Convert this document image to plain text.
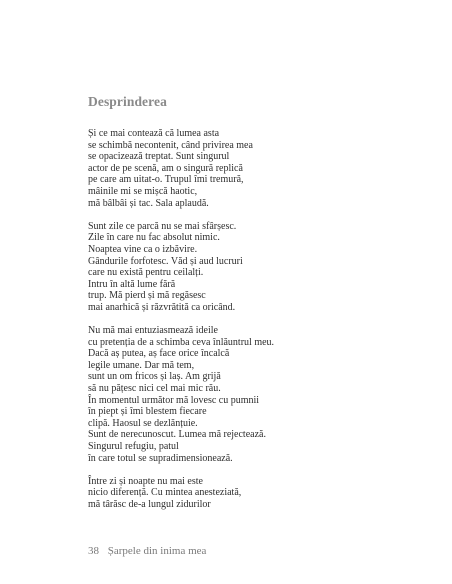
Desprinderea
Și ce mai contează că lumea asta
se schimbă necontenit, când privirea mea
se opacizează treptat. Sunt singurul
actor de pe scenă, am o singură replică
pe care am uitat-o. Trupul îmi tremură,
mâinile mi se mișcă haotic,
mă bâlbâi și tac. Sala aplaudă.
Sunt zile ce parcă nu se mai sfârșesc.
Zile în care nu fac absolut nimic.
Noaptea vine ca o izbăvire.
Gândurile forfotesc. Văd și aud lucruri
care nu există pentru ceilalți.
Intru în altă lume fără
trup. Mă pierd și mă regăsesc
mai anarhică și răzvrătită ca oricând.
Nu mă mai entuziasmează ideile
cu pretenția de a schimba ceva înlăuntrul meu.
Dacă aș putea, aș face orice încalcă
legile umane. Dar mă tem,
sunt un om fricos și laș. Am grijă
să nu pățesc nici cel mai mic rău.
În momentul următor mă lovesc cu pumnii
în piept și îmi blestem fiecare
clipă. Haosul se dezlănțuie.
Sunt de nerecunoscut. Lumea mă rejectează.
Singurul refugiu, patul
în care totul se supradimensionează.
Între zi și noapte nu mai este
nicio diferență. Cu mintea anesteziată,
mă târăsc de-a lungul zidurilor
38 Șarpele din inima mea
